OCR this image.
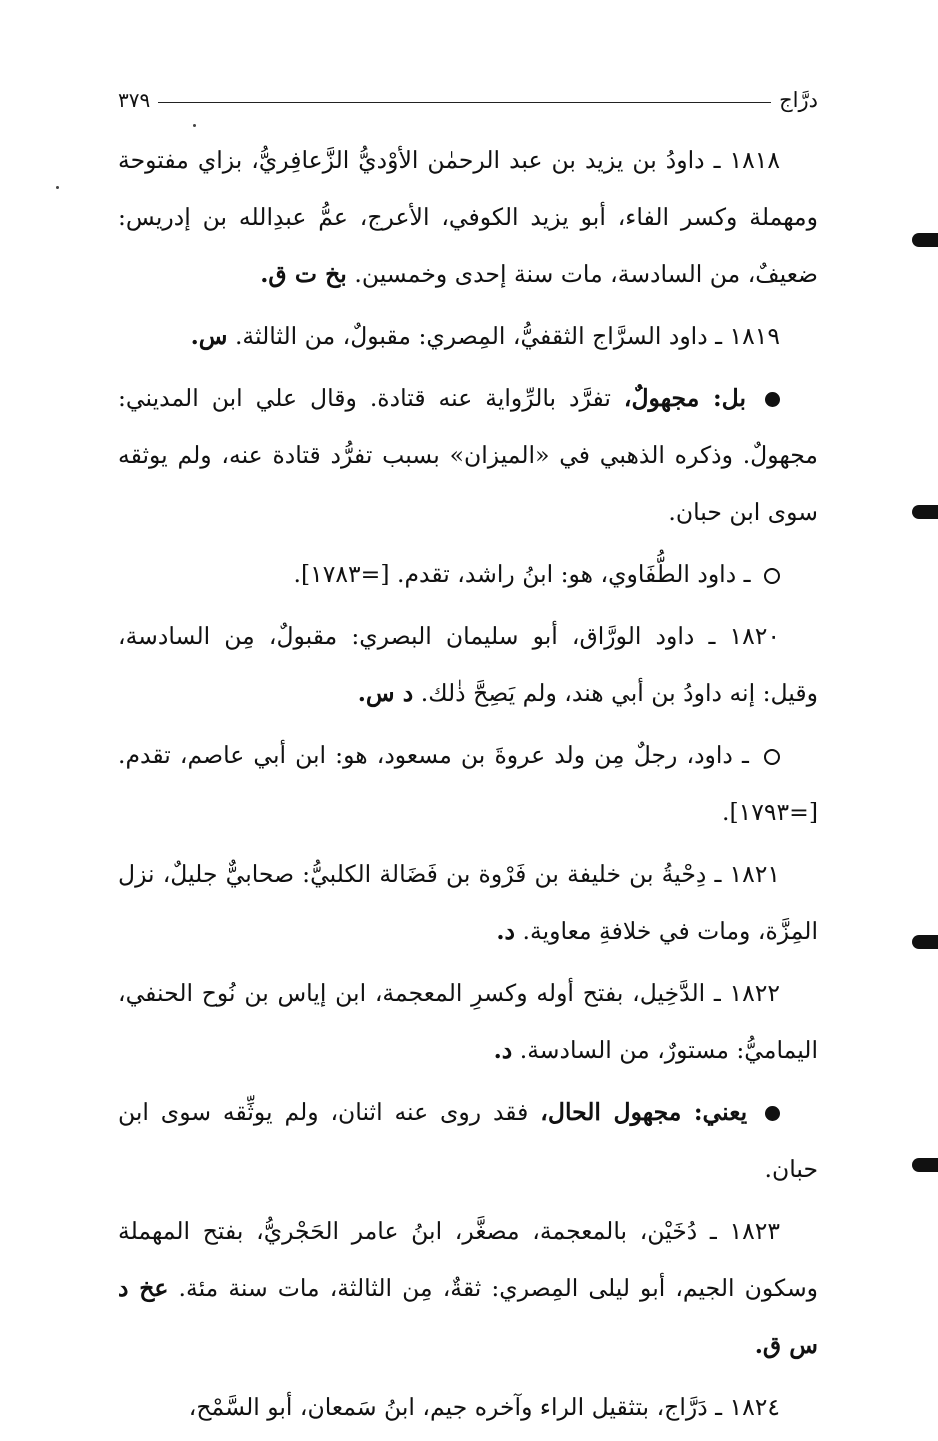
درَّاج
٣٧٩

١٨١٨ ـ داودُ بن يزيد بن عبد الرحمٰن الأوْديُّ الزَّعافِريُّ، بزاي مفتوحة ومهملة وكسر الفاء، أبو يزيد الكوفي، الأعرج، عمُّ عبدِالله بن إدريس: ضعيفٌ، من السادسة، مات سنة إحدى وخمسين. بخ ت ق.

١٨١٩ ـ داود السرَّاج الثقفيُّ، المِصري: مقبولٌ، من الثالثة. س.

بل: مجهولٌ، تفرَّد بالرِّواية عنه قتادة. وقال علي ابن المديني: مجهولٌ. وذكره الذهبي في «الميزان» بسبب تفرُّد قتادة عنه، ولم يوثقه سوى ابن حبان.

ـ داود الطُّفَاوي، هو: ابنُ راشد، تقدم. [=١٧٨٣].

١٨٢٠ ـ داود الورَّاق، أبو سليمان البصري: مقبولٌ، مِن السادسة، وقيل: إنه داودُ بن أبي هند، ولم يَصِحَّ ذٰلك. د س.

ـ داود، رجلٌ مِن ولد عروةَ بن مسعود، هو: ابن أبي عاصم، تقدم. [=١٧٩٣].

١٨٢١ ـ دِحْيةُ بن خليفة بن فَرْوة بن فَضَالة الكلبيُّ: صحابيٌّ جليلٌ، نزل المِزَّة، ومات في خلافةِ معاوية. د.

١٨٢٢ ـ الدَّخِيل، بفتح أوله وكسرِ المعجمة، ابن إياس بن نُوح الحنفي، اليماميُّ: مستورٌ، من السادسة. د.

يعني: مجهول الحال، فقد روى عنه اثنان، ولم يوثِّقه سوى ابن حبان.

١٨٢٣ ـ دُخَيْن، بالمعجمة، مصغَّر، ابنُ عامر الحَجْريُّ، بفتح المهملة وسكون الجيم، أبو ليلى المِصري: ثقةٌ، مِن الثالثة، مات سنة مئة. عخ د س ق.

١٨٢٤ ـ دَرَّاج، بتثقيل الراء وآخره جيم، ابنُ سَمعان، أبو السَّمْح،
